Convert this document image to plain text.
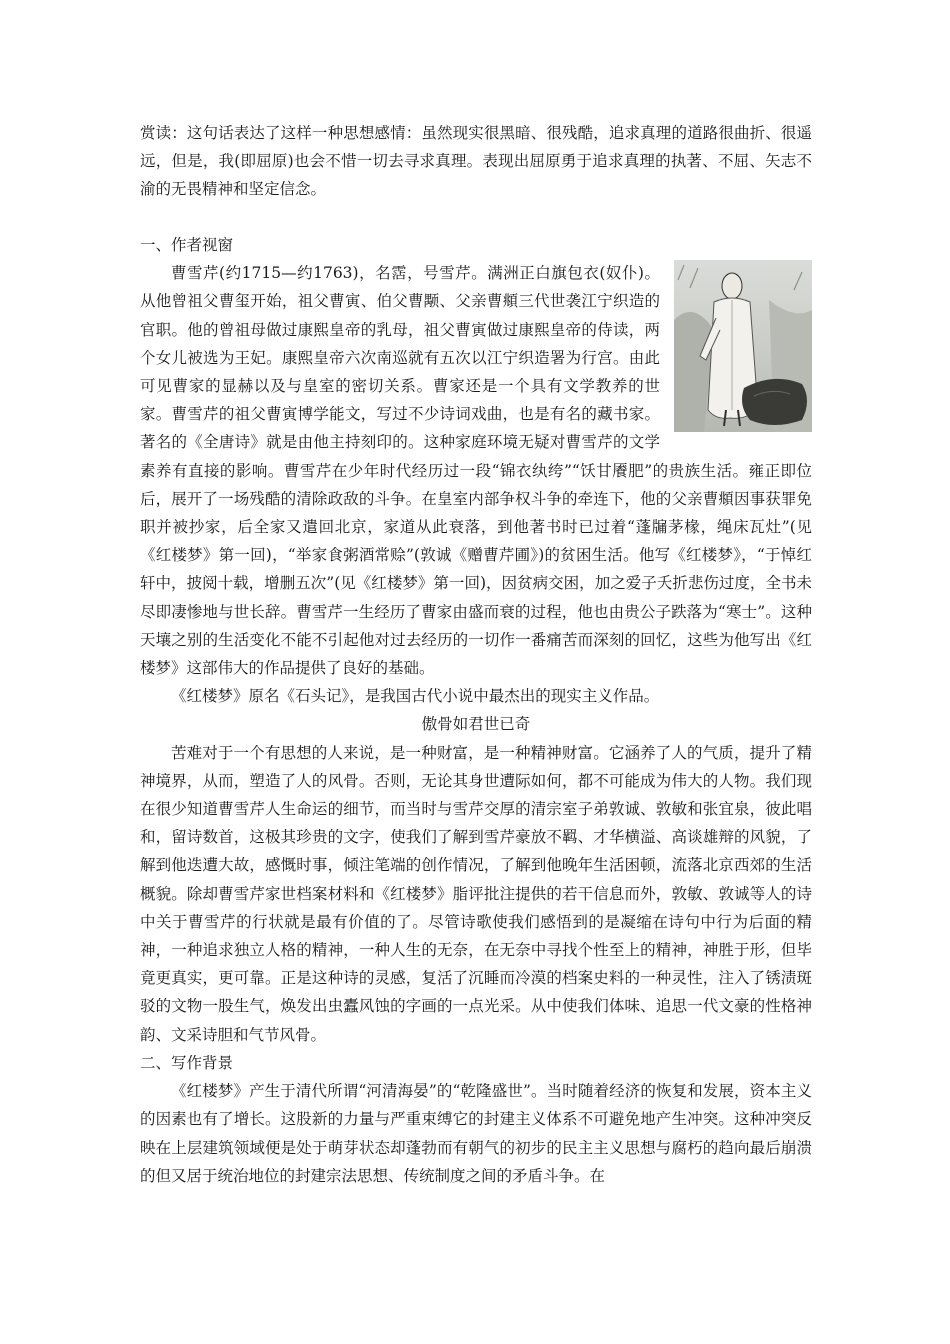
赏读：这句话表达了这样一种思想感情：虽然现实很黑暗、很残酷，追求真理的道路很曲折、很遥远，但是，我(即屈原)也会不惜一切去寻求真理。表现出屈原勇于追求真理的执著、不屈、矢志不渝的无畏精神和坚定信念。

一、作者视窗

曹雪芹(约1715—约1763)，名霑，号雪芹。满洲正白旗包衣(奴仆)。从他曾祖父曹玺开始，祖父曹寅、伯父曹颙、父亲曹頫三代世袭江宁织造的官职。他的曾祖母做过康熙皇帝的乳母，祖父曹寅做过康熙皇帝的侍读，两个女儿被选为王妃。康熙皇帝六次南巡就有五次以江宁织造署为行宫。由此可见曹家的显赫以及与皇室的密切关系。曹家还是一个具有文学教养的世家。曹雪芹的祖父曹寅博学能文，写过不少诗词戏曲，也是有名的藏书家。著名的《全唐诗》就是由他主持刻印的。这种家庭环境无疑对曹雪芹的文学素养有直接的影响。曹雪芹在少年时代经历过一段“锦衣纨绔”“饫甘餍肥”的贵族生活。雍正即位后，展开了一场残酷的清除政敌的斗争。在皇室内部争权斗争的牵连下，他的父亲曹頫因事获罪免职并被抄家，后全家又遣回北京，家道从此衰落，到他著书时已过着“蓬牖茅椽，绳床瓦灶”(见《红楼梦》第一回)，“举家食粥酒常赊”(敦诚《赠曹芹圃》)的贫困生活。他写《红楼梦》，“于悼红轩中，披阅十载，增删五次”(见《红楼梦》第一回)，因贫病交困，加之爱子夭折悲伤过度，全书未尽即凄惨地与世长辞。曹雪芹一生经历了曹家由盛而衰的过程，他也由贵公子跌落为“寒士”。这种天壤之别的生活变化不能不引起他对过去经历的一切作一番痛苦而深刻的回忆，这些为他写出《红楼梦》这部伟大的作品提供了良好的基础。

《红楼梦》原名《石头记》，是我国古代小说中最杰出的现实主义作品。

傲骨如君世已奇

苦难对于一个有思想的人来说，是一种财富，是一种精神财富。它涵养了人的气质，提升了精神境界，从而，塑造了人的风骨。否则，无论其身世遭际如何，都不可能成为伟大的人物。我们现在很少知道曹雪芹人生命运的细节，而当时与雪芹交厚的清宗室子弟敦诚、敦敏和张宜泉，彼此唱和，留诗数首，这极其珍贵的文字，使我们了解到雪芹豪放不羁、才华横溢、高谈雄辩的风貌，了解到他迭遭大故，感慨时事，倾注笔端的创作情况，了解到他晚年生活困顿，流落北京西郊的生活概貌。除却曹雪芹家世档案材料和《红楼梦》脂评批注提供的若干信息而外，敦敏、敦诚等人的诗中关于曹雪芹的行状就是最有价值的了。尽管诗歌使我们感悟到的是凝缩在诗句中行为后面的精神，一种追求独立人格的精神，一种人生的无奈，在无奈中寻找个性至上的精神，神胜于形，但毕竟更真实，更可靠。正是这种诗的灵感，复活了沉睡而冷漠的档案史料的一种灵性，注入了锈渍斑驳的文物一股生气，焕发出虫蠹风蚀的字画的一点光采。从中使我们体味、追思一代文豪的性格神韵、文采诗胆和气节风骨。

二、写作背景

《红楼梦》产生于清代所谓“河清海晏”的“乾隆盛世”。当时随着经济的恢复和发展，资本主义的因素也有了增长。这股新的力量与严重束缚它的封建主义体系不可避免地产生冲突。这种冲突反映在上层建筑领域便是处于萌芽状态却蓬勃而有朝气的初步的民主主义思想与腐朽的趋向最后崩溃的但又居于统治地位的封建宗法思想、传统制度之间的矛盾斗争。在
